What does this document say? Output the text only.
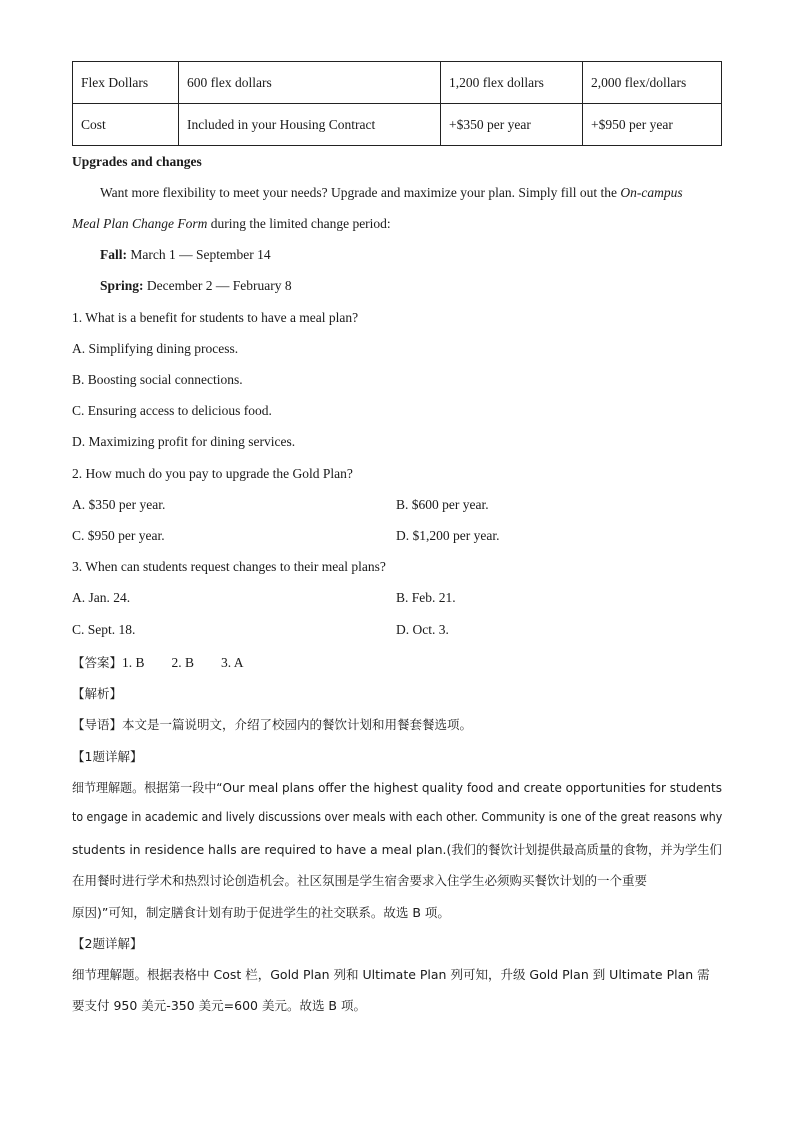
Flex Dollars	600 flex dollars	1,200 flex dollars	2,000 flex/dollars
Cost	Included in your Housing Contract	+$350 per year	+$950 per year
Upgrades and changes
Want more flexibility to meet your needs? Upgrade and maximize your plan. Simply fill out the On-campus
Meal Plan Change Form during the limited change period:
Fall: March 1 — September 14
Spring: December 2 — February 8
1. What is a benefit for students to have a meal plan?
A. Simplifying dining process.
B. Boosting social connections.
C. Ensuring access to delicious food.
D. Maximizing profit for dining services.
2. How much do you pay to upgrade the Gold Plan?
A. $350 per year.	B. $600 per year.
C. $950 per year.	D. $1,200 per year.
3. When can students request changes to their meal plans?
A. Jan. 24.	B. Feb. 21.
C. Sept. 18.	D. Oct. 3.
【答案】1. B        2. B        3. A
【解析】
【导语】本文是一篇说明文，介绍了校园内的餐饮计划和用餐套餐选项。
【1题详解】
细节理解题。根据第一段中“Our meal plans offer the highest quality food and create opportunities for students
to engage in academic and lively discussions over meals with each other. Community is one of the great reasons why
students in residence halls are required to have a meal plan.(我们的餐饮计划提供最高质量的食物，并为学生们
在用餐时进行学术和热烈讨论创造机会。社区氛围是学生宿舍要求入住学生必须购买餐饮计划的一个重要
原因)”可知，制定膳食计划有助于促进学生的社交联系。故选 B 项。
【2题详解】
细节理解题。根据表格中 Cost 栏，Gold Plan 列和 Ultimate Plan 列可知，升级 Gold Plan 到 Ultimate Plan 需
要支付 950 美元-350 美元=600 美元。故选 B 项。
